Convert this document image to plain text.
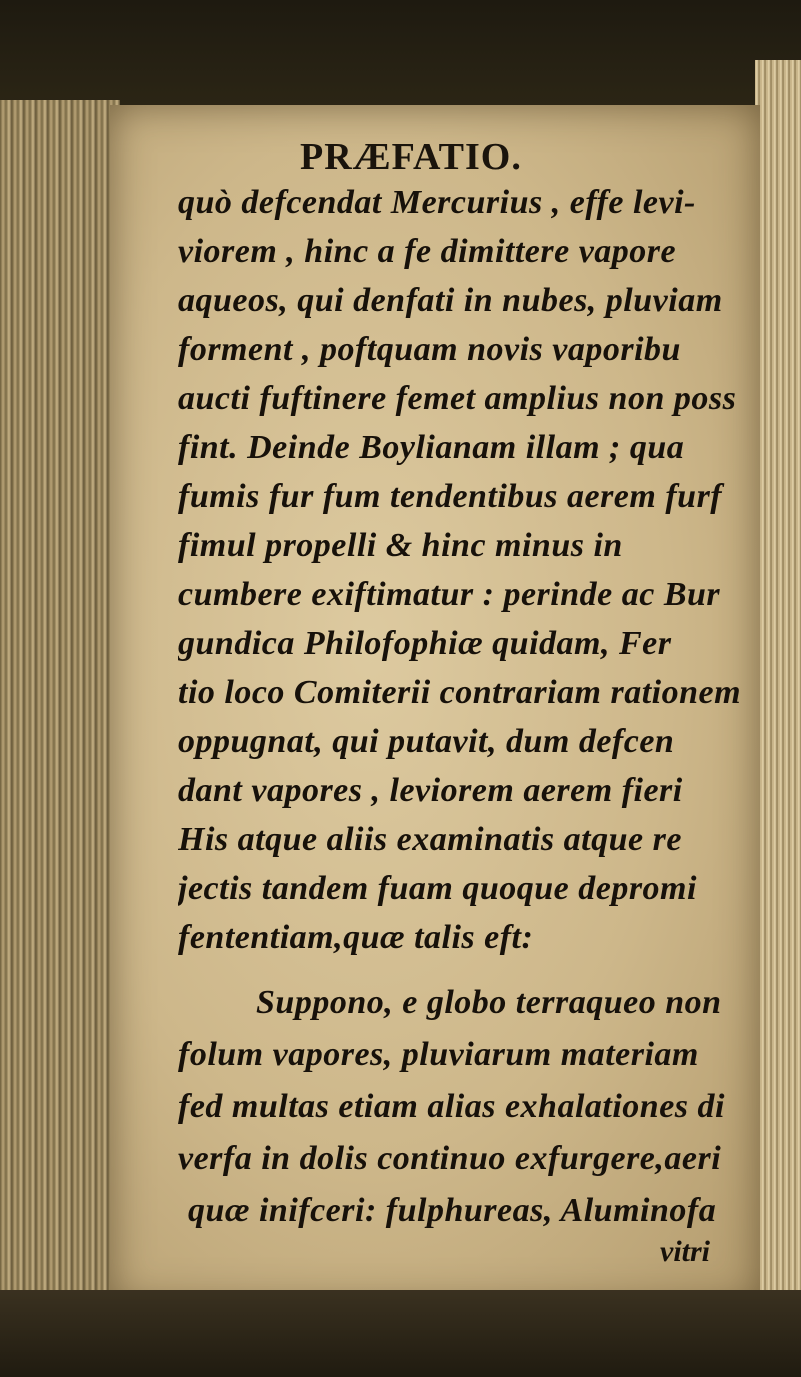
PRÆFATIO.
quò defcendat Mercurius , effe levi-
viorem , hinc a fe dimittere vapore
aqueos, qui denfati in nubes, pluviam
forment , poftquam novis vaporibu
aucti fuftinere femet amplius non poss
fint. Deinde Boylianam illam ; qua
fumis fur fum tendentibus aerem furf
fimul propelli & hinc minus in
cumbere exiftimatur : perinde ac Bur
gundica Philofophiæ quidam, Fer
tio loco Comiterii contrariam rationem
oppugnat, qui putavit, dum defcen
dant vapores , leviorem aerem fieri
His atque aliis examinatis atque re
jectis tandem fuam quoque depromi
fententiam,quæ talis eft:
Suppono, e globo terraqueo non
folum vapores, pluviarum materiam
fed multas etiam alias exhalationes di
verfa in dolis continuo exfurgere,aeri
quæ inifceri: fulphureas, Aluminofa
vitri
